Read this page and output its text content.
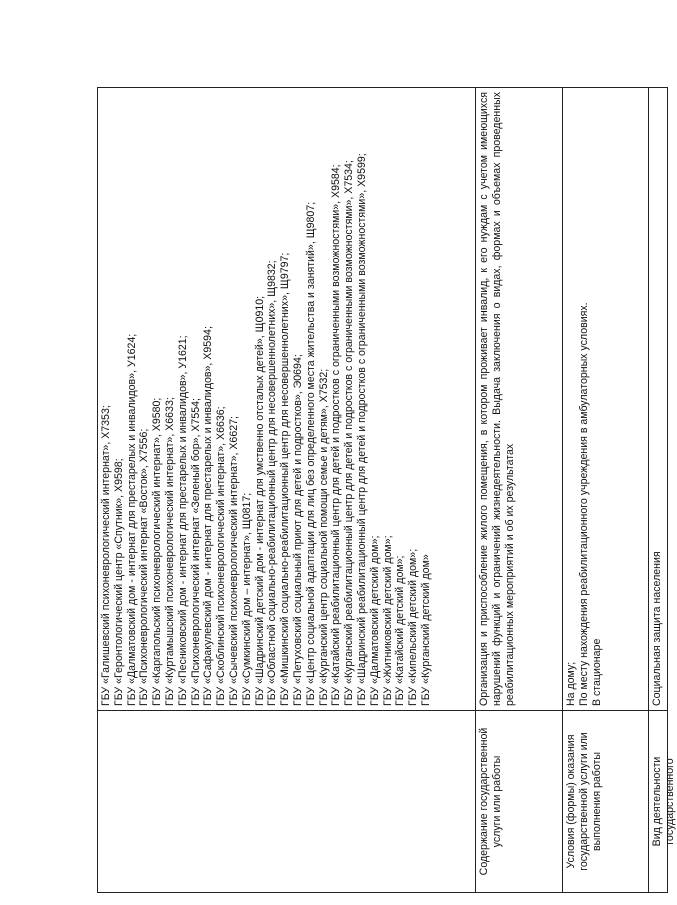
ГБУ «Галишевский психоневрологический интернат», Х7353; ГБУ «Геронтологический центр «Спутник», Х9598; ГБУ «Далматовский дом - интернат для престарелых и инвалидов», У1624; ГБУ «Психоневрологический интернат «Восток», Х7556; ГБУ «Каргапольский психоневрологический интернат», Х9580; ГБУ «Куртамышский психоневрологический интернат», Х6633; ГБУ «Песниковский дом - интернат для престарелых и инвалидов», У1621; ГБУ «Психоневрологический интернат «Зеленый бор», Х7554; ГБУ «Сафакулевский дом - интернат для престарелых и инвалидов», Х9594; ГБУ «Скоблинский психоневрологический интернат», Х6636; ГБУ «Сычевский психоневрологический интернат», Х6627; ГБУ «Сумкинский дом – интернат», Щ0817; ГБУ «Шадринский детский дом - интернат для умственно отсталых детей», Щ0910; ГБУ «Областной социально-реабилитационный центр для несовершеннолетних», Щ9832; ГБУ «Мишкинский социально-реабилитационный центр для несовершеннолетних», Щ9797; ГБУ «Петуховский социальный приют для детей и подростков», Э0694; ГБУ «Центр социальной адаптации для лиц без определенного места жительства и занятий», Щ9807; ГБУ «Курганский центр социальной помощи семье и детям», Х7532; ГБУ «Катайский реабилитационный центр для детей и подростков с ограниченными возможностями», Х9584; ГБУ «Курганский реабилитационный центр для детей и подростков с ограниченными возможностями», Х7534; ГБУ «Шадринский реабилитационный центр для детей и подростков с ограниченными возможностями», Х9599; ГБУ «Далматовский детский дом»; ГБУ «Житниковский детский дом»; ГБУ «Катайский детский дом»; ГБУ «Кипельский детский дом»; ГБУ «Курганский детский дом»
Содержание государственной услуги или работы
Организация и приспособление жилого помещения, в котором проживает инвалид, к его нуждам с учетом имеющихся нарушений функций и ограничений жизнедеятельности. Выдача заключения о видах, формах и объемах проведенных реабилитационных мероприятий и об их результатах
Условия (формы) оказания государственной услуги или выполнения работы
На дому; По месту нахождения реабилитационного учреждения в амбулаторных условиях. В стационаре
Вид деятельности государственного
Социальная защита населения
